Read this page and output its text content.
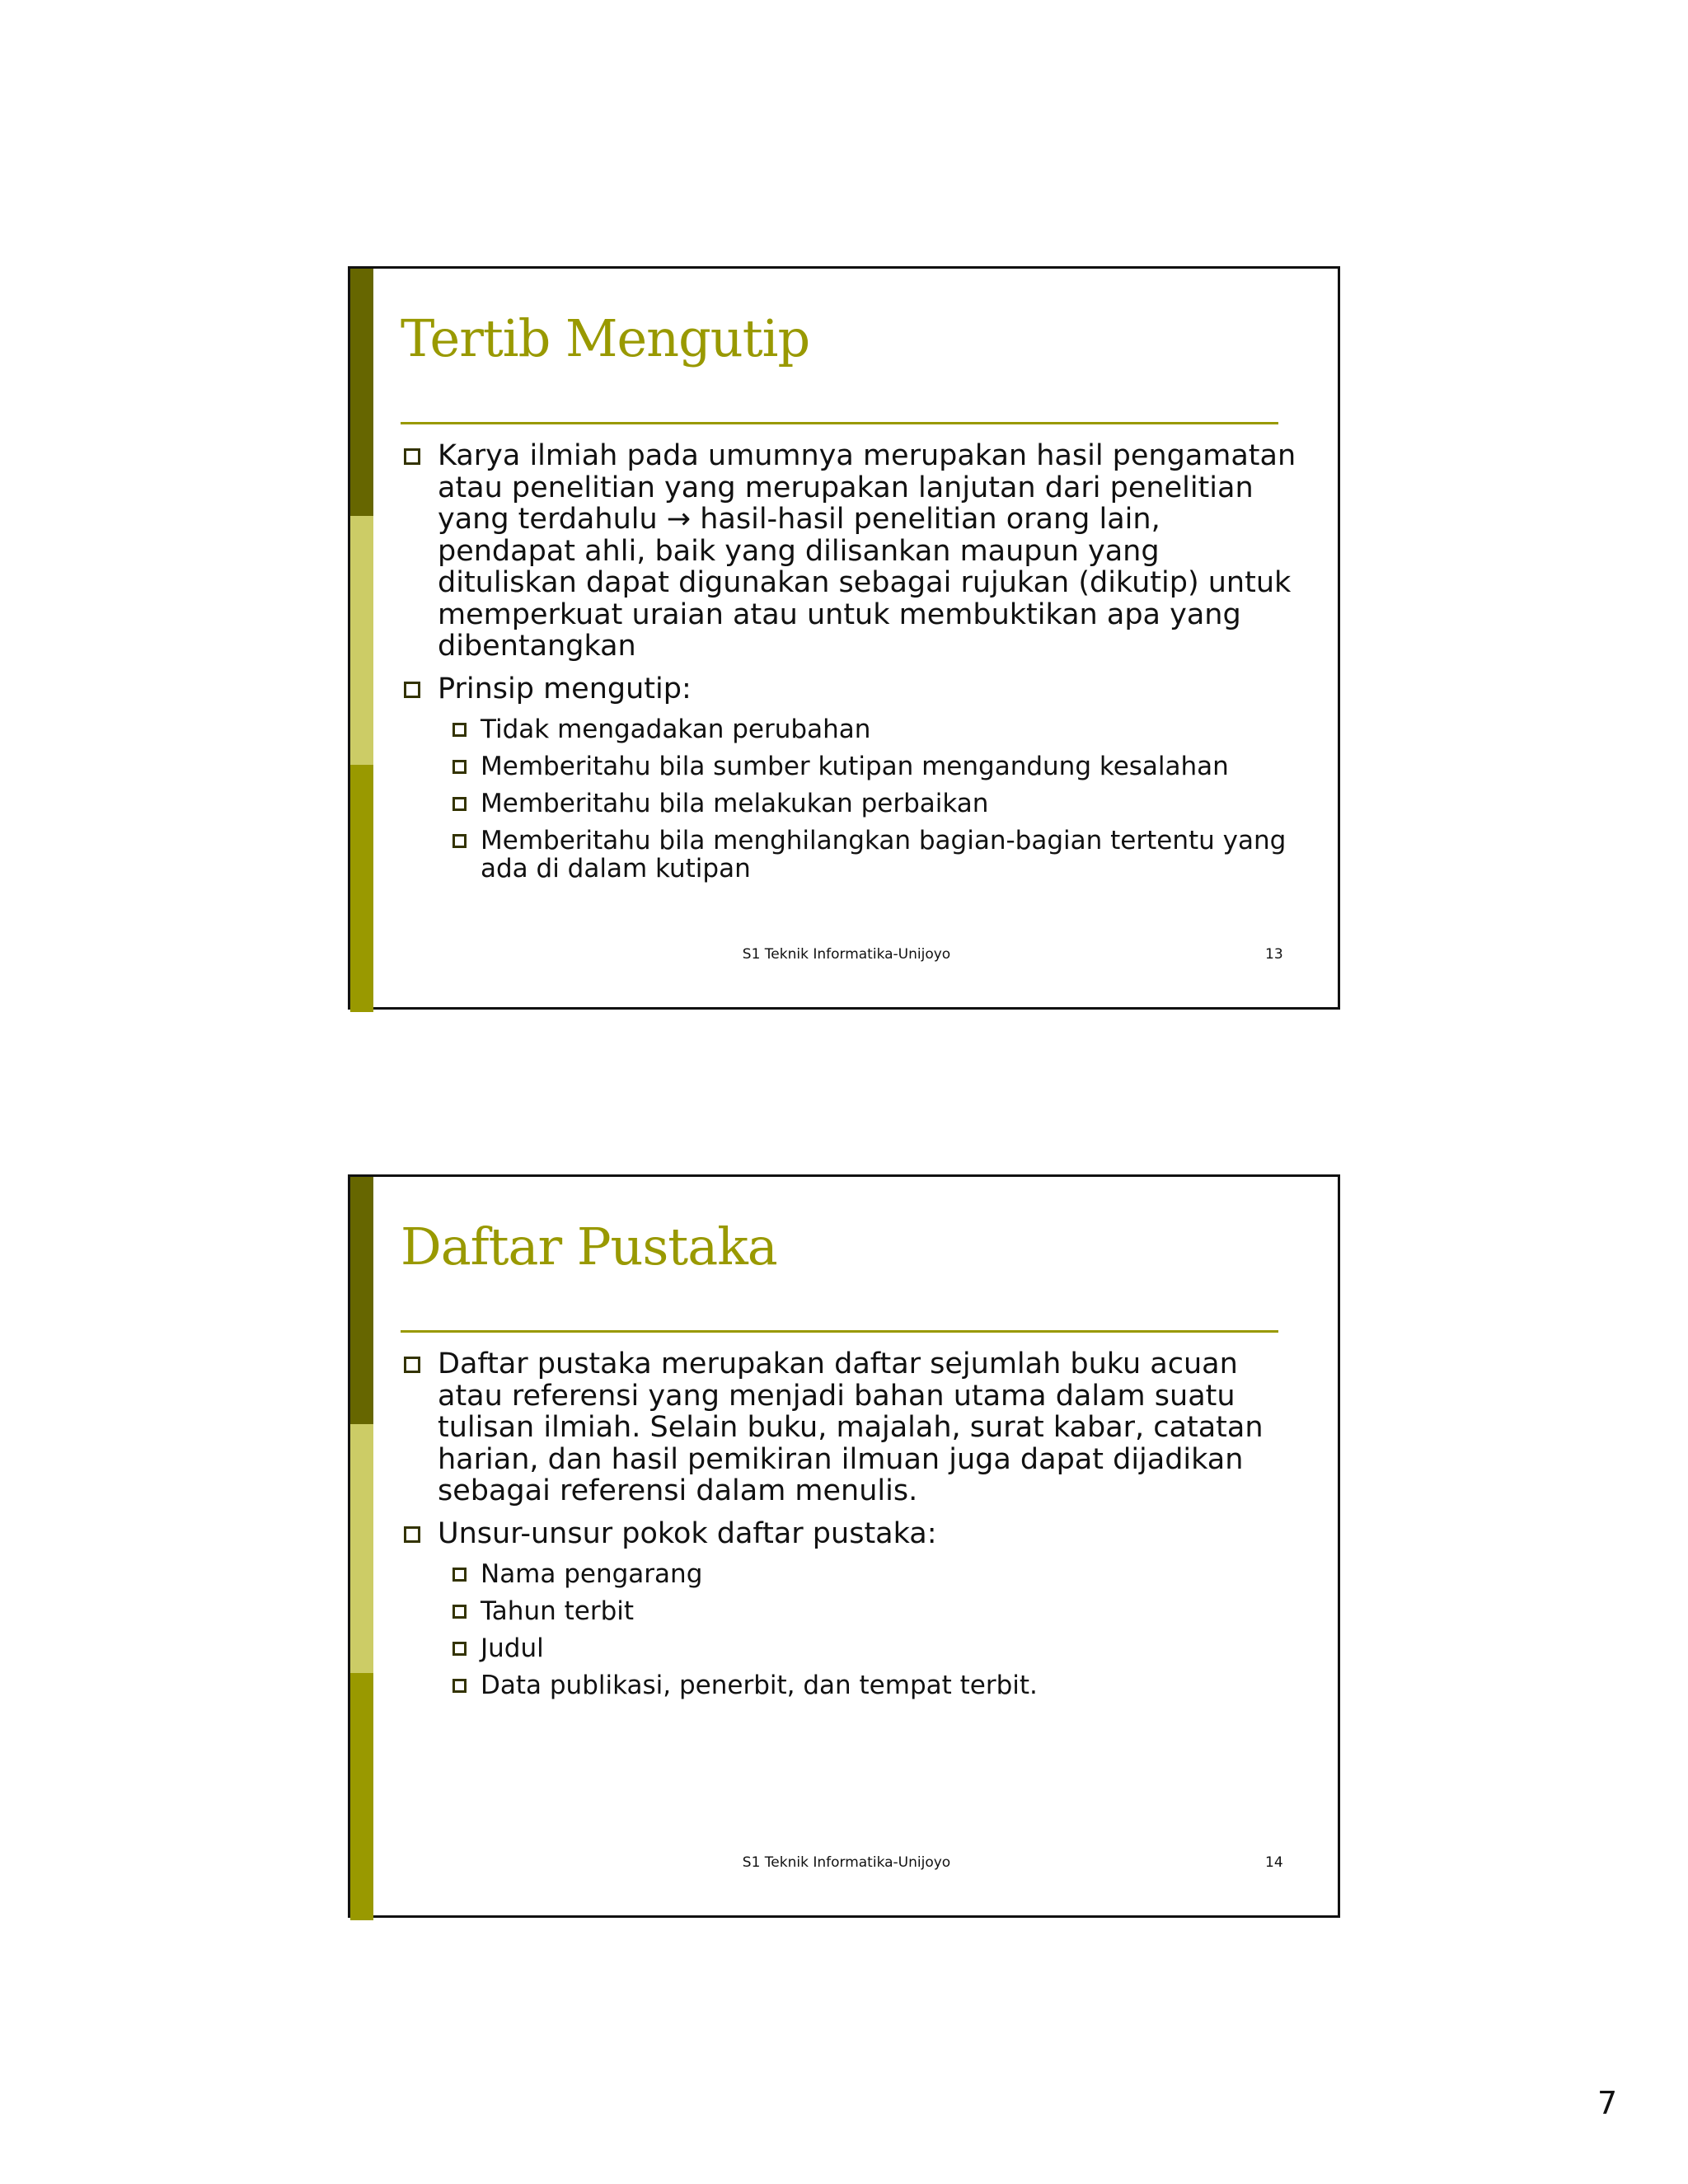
Tertib Mengutip
Karya ilmiah pada umumnya merupakan hasil pengamatan atau penelitian yang merupakan lanjutan dari penelitian yang terdahulu → hasil-hasil penelitian orang lain, pendapat ahli, baik yang dilisankan maupun yang dituliskan dapat digunakan sebagai rujukan (dikutip) untuk memperkuat uraian atau untuk membuktikan apa yang dibentangkan
Prinsip mengutip:
Tidak mengadakan perubahan
Memberitahu bila sumber kutipan mengandung kesalahan
Memberitahu bila melakukan perbaikan
Memberitahu bila menghilangkan bagian-bagian tertentu yang ada di dalam kutipan
S1 Teknik Informatika-Unijoyo	13
Daftar Pustaka
Daftar pustaka merupakan daftar sejumlah buku acuan atau referensi yang menjadi bahan utama dalam suatu tulisan ilmiah. Selain buku, majalah, surat kabar, catatan harian, dan hasil pemikiran ilmuan juga dapat dijadikan sebagai referensi dalam menulis.
Unsur-unsur pokok daftar pustaka:
Nama pengarang
Tahun terbit
Judul
Data publikasi, penerbit, dan tempat terbit.
S1 Teknik Informatika-Unijoyo	14
7
